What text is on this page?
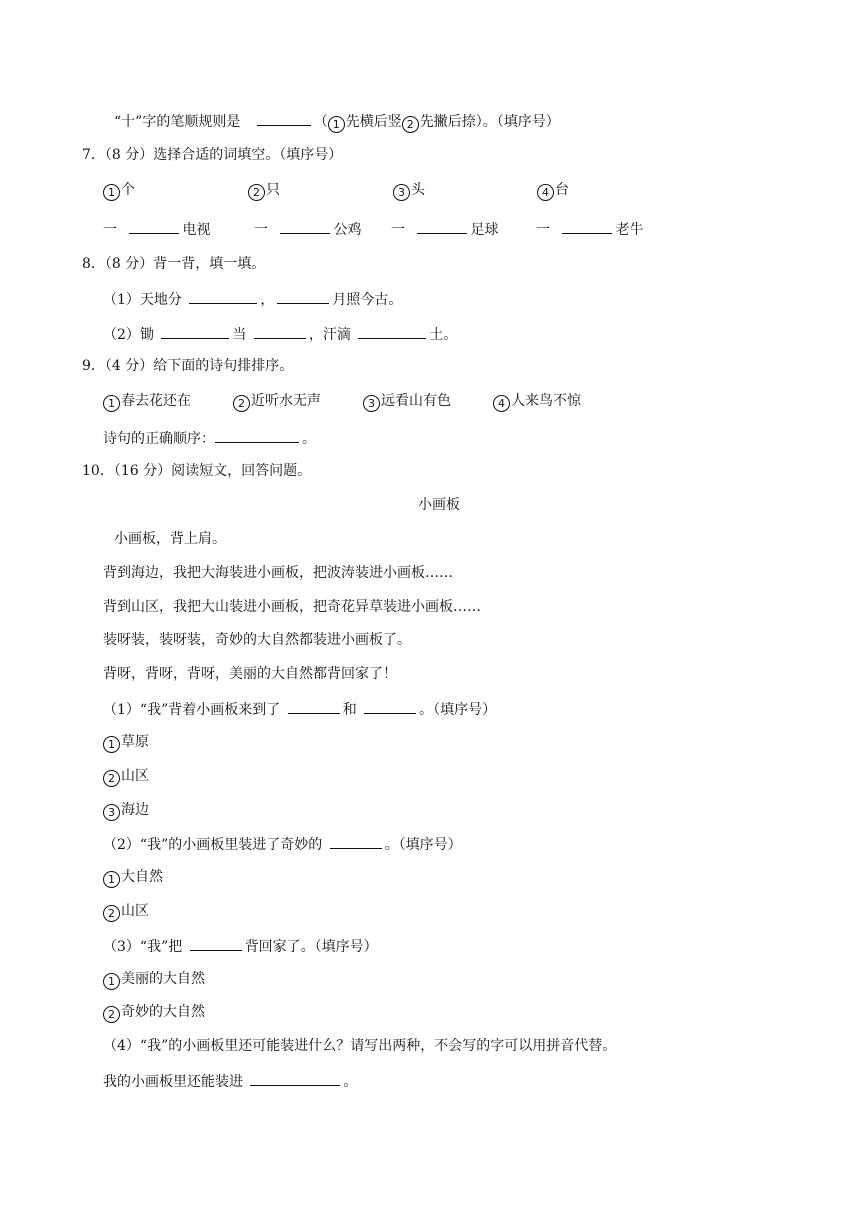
“十”字的笔顺规则是	（ 1 先横后竖 2 先撇后捺）。（填序号）
7．（8 分）选择合适的词填空。（填序号）
1 个	2 只	3 头	4 台
一	电视	一	公鸡 一	足球	一	老牛
8．（8 分）背一背，填一填。
（1）天地分	，	月照今古。
（2）锄	当	，汗滴	土。
9．（4 分）给下面的诗句排排序。
1 春去花还在	2 近听水无声	3 远看山有色	4 人来鸟不惊
诗句的正确顺序：	。
10．（16 分）阅读短文，回答问题。
小画板
小画板，背上肩。
背到海边，我把大海装进小画板，把波涛装进小画板……
背到山区，我把大山装进小画板，把奇花异草装进小画板……
装呀装，装呀装，奇妙的大自然都装进小画板了。
背呀，背呀，背呀，美丽的大自然都背回家了！
（1）“我”背着小画板来到了	和	。（填序号）
1 草原
2 山区
3 海边
（2）“我”的小画板里装进了奇妙的	。（填序号）
1 大自然
2 山区
（3）“我”把	背回家了。（填序号）
1 美丽的大自然
2 奇妙的大自然
（4）“我”的小画板里还可能装进什么？请写出两种，不会写的字可以用拼音代替。
我的小画板里还能装进	。
